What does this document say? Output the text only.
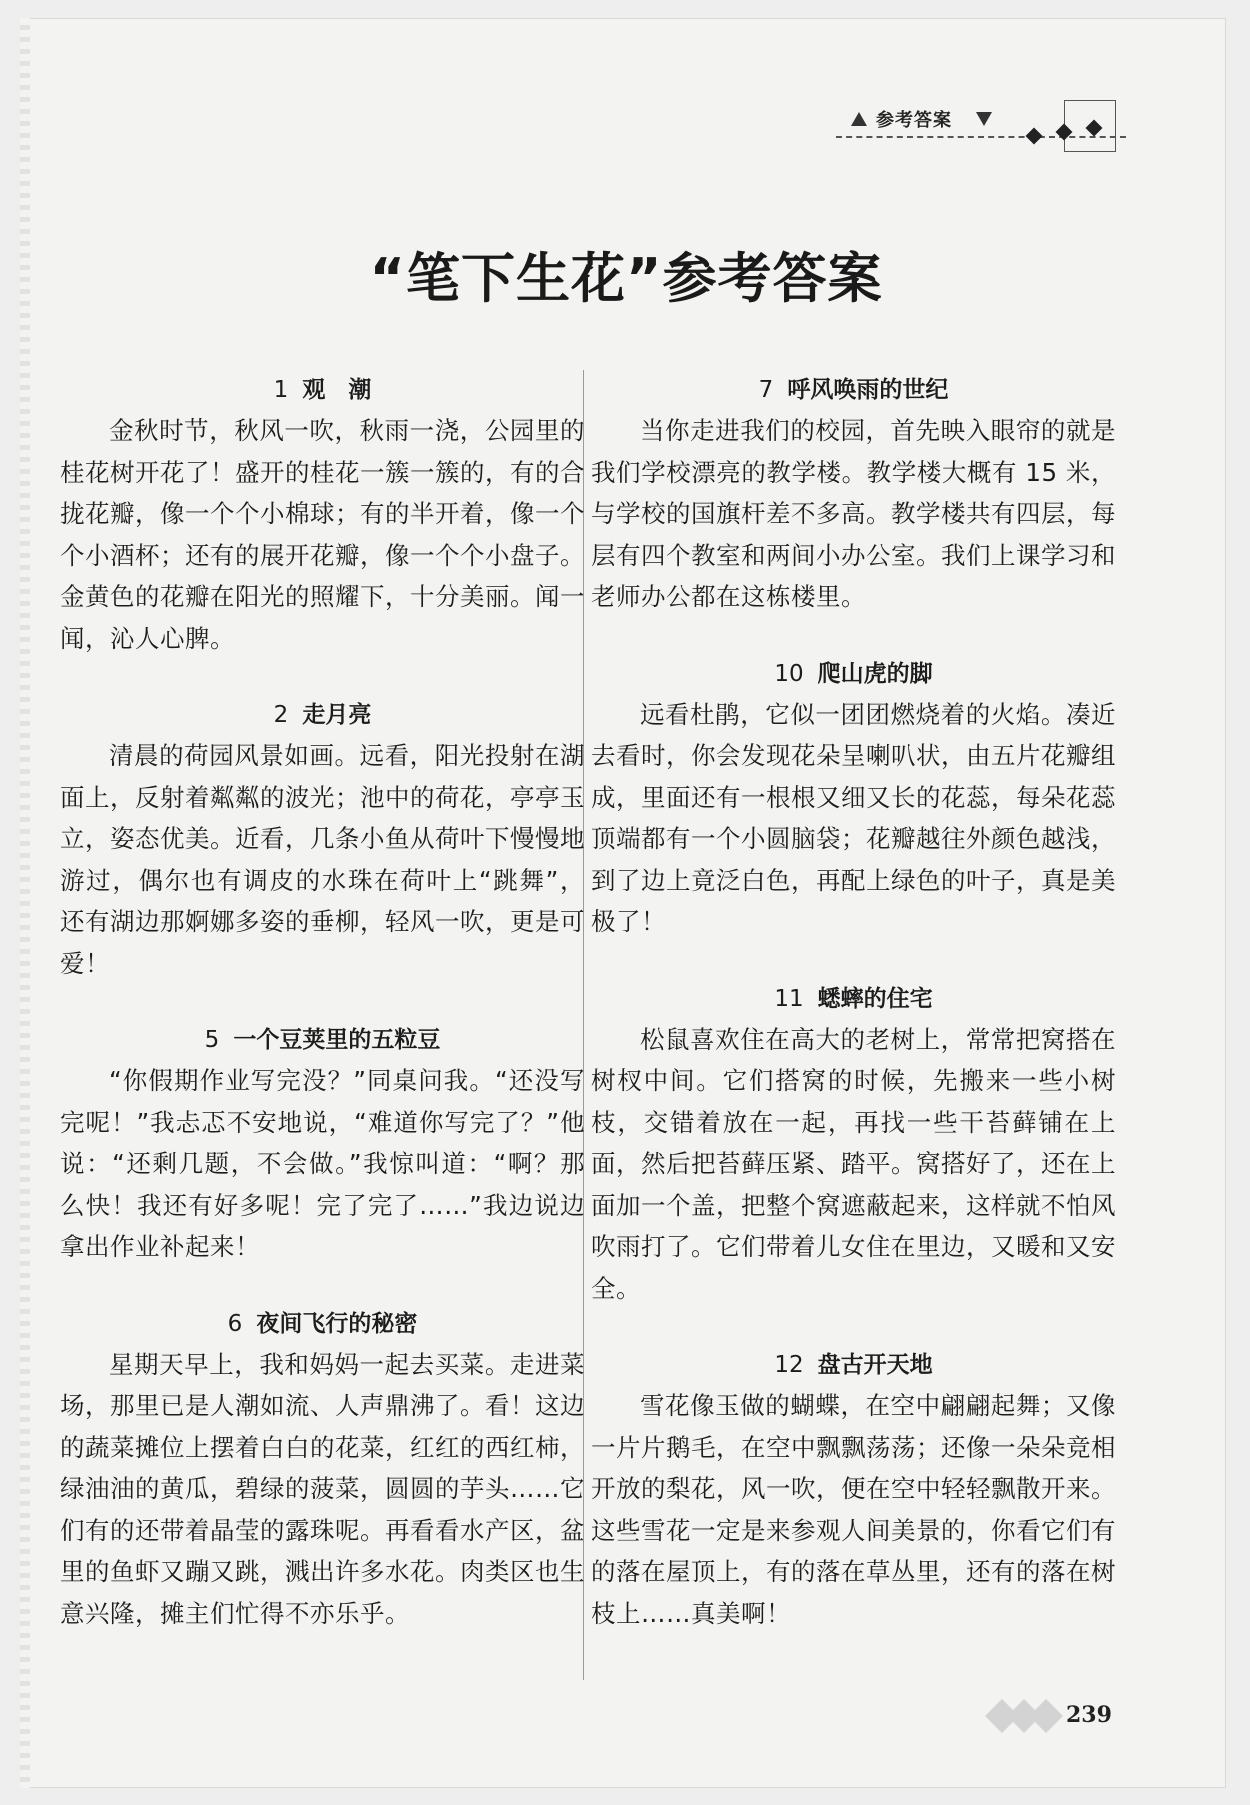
参考答案
“笔下生花”参考答案

1 观　潮

金秋时节，秋风一吹，秋雨一浇，公园里的桂花树开花了！盛开的桂花一簇一簇的，有的合拢花瓣，像一个个小棉球；有的半开着，像一个个小酒杯；还有的展开花瓣，像一个个小盘子。金黄色的花瓣在阳光的照耀下，十分美丽。闻一闻，沁人心脾。

2 走月亮

清晨的荷园风景如画。远看，阳光投射在湖面上，反射着粼粼的波光；池中的荷花，亭亭玉立，姿态优美。近看，几条小鱼从荷叶下慢慢地游过，偶尔也有调皮的水珠在荷叶上“跳舞”，还有湖边那婀娜多姿的垂柳，轻风一吹，更是可爱！

5 一个豆荚里的五粒豆

“你假期作业写完没？”同桌问我。“还没写完呢！”我忐忑不安地说，“难道你写完了？”他说：“还剩几题，不会做。”我惊叫道：“啊？那么快！我还有好多呢！完了完了……”我边说边拿出作业补起来！

6 夜间飞行的秘密

星期天早上，我和妈妈一起去买菜。走进菜场，那里已是人潮如流、人声鼎沸了。看！这边的蔬菜摊位上摆着白白的花菜，红红的西红柿，绿油油的黄瓜，碧绿的菠菜，圆圆的芋头……它们有的还带着晶莹的露珠呢。再看看水产区，盆里的鱼虾又蹦又跳，溅出许多水花。肉类区也生意兴隆，摊主们忙得不亦乐乎。

7 呼风唤雨的世纪

当你走进我们的校园，首先映入眼帘的就是我们学校漂亮的教学楼。教学楼大概有 15 米，与学校的国旗杆差不多高。教学楼共有四层，每层有四个教室和两间小办公室。我们上课学习和老师办公都在这栋楼里。

10 爬山虎的脚

远看杜鹃，它似一团团燃烧着的火焰。凑近去看时，你会发现花朵呈喇叭状，由五片花瓣组成，里面还有一根根又细又长的花蕊，每朵花蕊顶端都有一个小圆脑袋；花瓣越往外颜色越浅，到了边上竟泛白色，再配上绿色的叶子，真是美极了！

11 蟋蟀的住宅

松鼠喜欢住在高大的老树上，常常把窝搭在树杈中间。它们搭窝的时候，先搬来一些小树枝，交错着放在一起，再找一些干苔藓铺在上面，然后把苔藓压紧、踏平。窝搭好了，还在上面加一个盖，把整个窝遮蔽起来，这样就不怕风吹雨打了。它们带着儿女住在里边，又暖和又安全。

12 盘古开天地

雪花像玉做的蝴蝶，在空中翩翩起舞；又像一片片鹅毛，在空中飘飘荡荡；还像一朵朵竞相开放的梨花，风一吹，便在空中轻轻飘散开来。这些雪花一定是来参观人间美景的，你看它们有的落在屋顶上，有的落在草丛里，还有的落在树枝上……真美啊！

239
